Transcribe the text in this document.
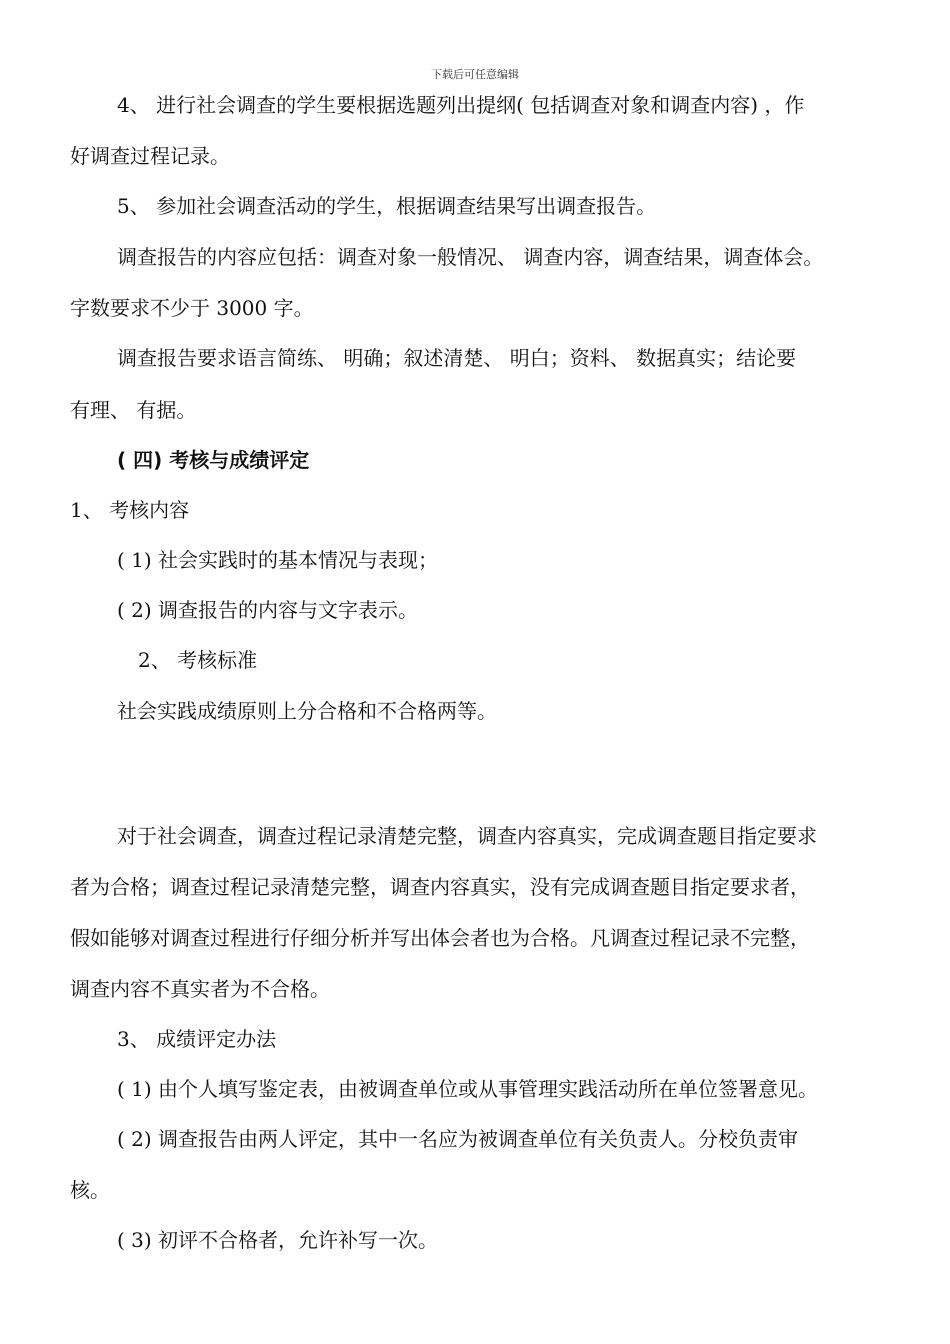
下载后可任意编辑
4、 进行社会调查的学生要根据选题列出提纲( 包括调查对象和调查内容) ，作
好调查过程记录。
5、 参加社会调查活动的学生，根据调查结果写出调查报告。
调查报告的内容应包括：调查对象一般情况、 调查内容，调查结果，调查体会。
字数要求不少于 3000 字。
调查报告要求语言简练、 明确；叙述清楚、 明白；资料、 数据真实；结论要
有理、 有据。
( 四) 考核与成绩评定
1、 考核内容
( 1) 社会实践时的基本情况与表现；
( 2) 调查报告的内容与文字表示。
2、 考核标准
社会实践成绩原则上分合格和不合格两等。
对于社会调查，调查过程记录清楚完整，调查内容真实，完成调查题目指定要求
者为合格；调查过程记录清楚完整，调查内容真实，没有完成调查题目指定要求者，
假如能够对调查过程进行仔细分析并写出体会者也为合格。凡调查过程记录不完整，
调查内容不真实者为不合格。
3、 成绩评定办法
( 1) 由个人填写鉴定表，由被调查单位或从事管理实践活动所在单位签署意见。
( 2) 调查报告由两人评定，其中一名应为被调查单位有关负责人。分校负责审
核。
( 3) 初评不合格者，允许补写一次。
